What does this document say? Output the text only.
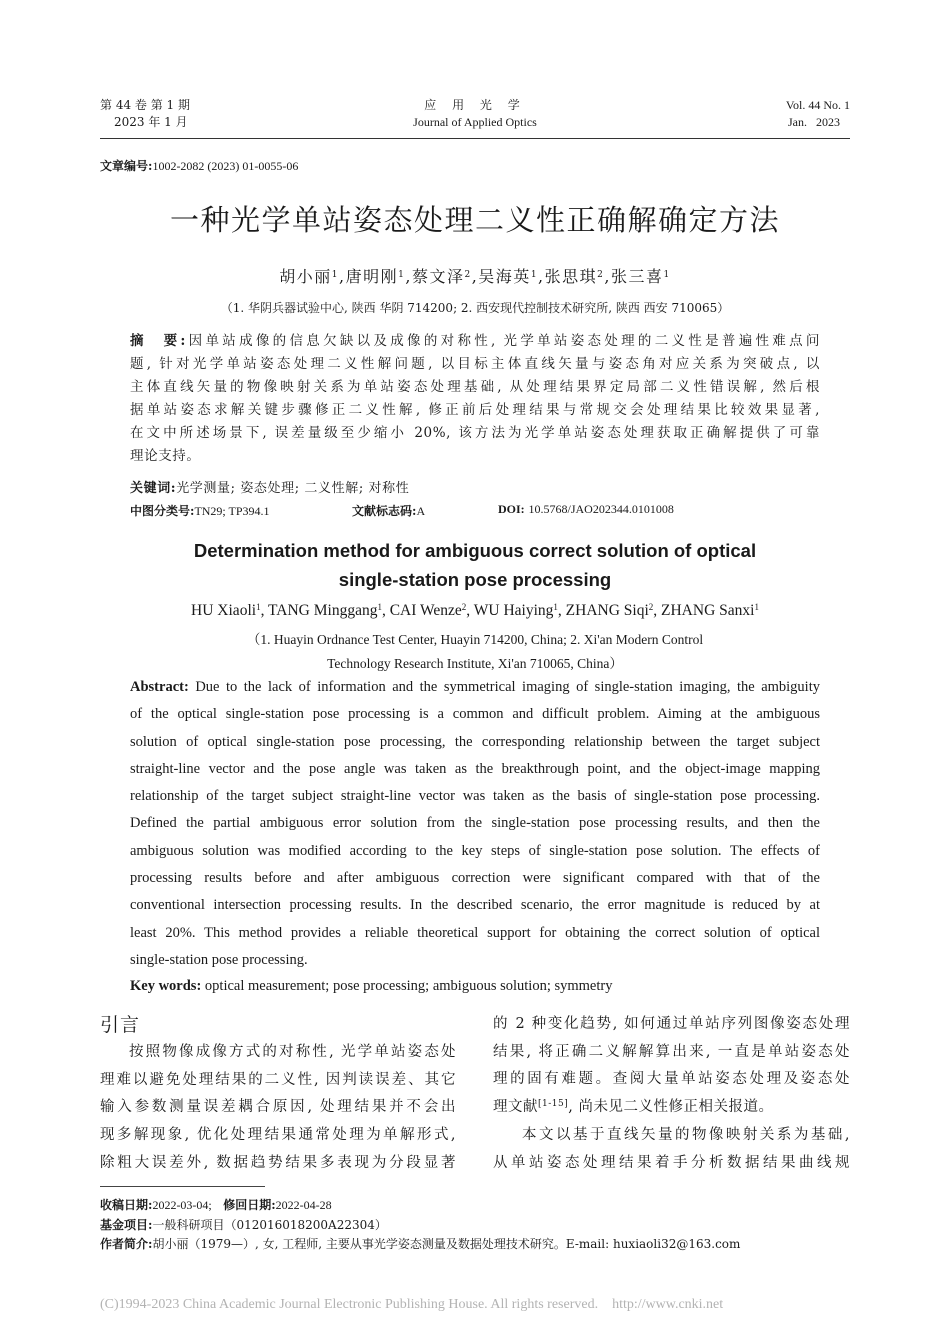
第 44 卷 第 1 期
2023 年 1 月
应 用 光 学
Journal of Applied Optics
Vol. 44 No. 1
Jan.   2023
文章编号:1002-2082 (2023) 01-0055-06
一种光学单站姿态处理二义性正确解确定方法
胡小丽$^1$,唐明刚$^1$,蔡文泽$^2$,吴海英$^1$,张思琪$^2$,张三喜$^1$
（1. 华阴兵器试验中心, 陕西 华阴 714200; 2. 西安现代控制技术研究所, 陕西 西安 710065）
摘　要:因单站成像的信息欠缺以及成像的对称性, 光学单站姿态处理的二义性是普遍性难点问
题, 针对光学单站姿态处理二义性解问题, 以目标主体直线矢量与姿态角对应关系为突破点, 以
主体直线矢量的物像映射关系为单站姿态处理基础, 从处理结果界定局部二义性错误解, 然后根
据单站姿态求解关键步骤修正二义性解, 修正前后处理结果与常规交会处理结果比较效果显著,
在文中所述场景下, 误差量级至少缩小 20%, 该方法为光学单站姿态处理获取正确解提供了可靠
理论支持。
关键词:光学测量; 姿态处理; 二义性解; 对称性
中图分类号:TN29; TP394.1	文献标志码:A	DOI: 10.5768/JAO202344.0101008
Determination method for ambiguous correct solution of optical
single-station pose processing
HU Xiaoli$^1$, TANG Minggang$^1$, CAI Wenze$^2$, WU Haiying$^1$, ZHANG Siqi$^2$, ZHANG Sanxi$^1$
（1. Huayin Ordnance Test Center, Huayin 714200, China; 2. Xi'an Modern Control
Technology Research Institute, Xi'an 710065, China）
Abstract: Due to the lack of information and the symmetrical imaging of single-station imaging, the ambiguity
of the optical single-station pose processing is a common and difficult problem. Aiming at the ambiguous
solution of optical single-station pose processing, the corresponding relationship between the target subject
straight-line vector and the pose angle was taken as the breakthrough point, and the object-image mapping
relationship of the target subject straight-line vector was taken as the basis of single-station pose processing.
Defined the partial ambiguous error solution from the single-station pose processing results, and then the
ambiguous solution was modified according to the key steps of single-station pose solution. The effects of
processing results before and after ambiguous correction were significant compared with that of the
conventional intersection processing results. In the described scenario, the error magnitude is reduced by at
least 20%. This method provides a reliable theoretical support for obtaining the correct solution of optical
single-station pose processing.
Key words: optical measurement; pose processing; ambiguous solution; symmetry
引言
按照物像成像方式的对称性, 光学单站姿态处
理难以避免处理结果的二义性, 因判读误差、其它
输入参数测量误差耦合原因, 处理结果并不会出
现多解现象, 优化处理结果通常处理为单解形式,
除粗大误差外, 数据趋势结果多表现为分段显著
的 2 种变化趋势, 如何通过单站序列图像姿态处理
结果, 将正确二义解解算出来, 一直是单站姿态处
理的固有难题。查阅大量单站姿态处理及姿态处
理文献[1-15], 尚未见二义性修正相关报道。
本文以基于直线矢量的物像映射关系为基础,
从单站姿态处理结果着手分析数据结果曲线规
收稿日期:2022-03-04; 修回日期:2022-04-28
基金项目:一般科研项目（012016018200A22304）
作者简介:胡小丽（1979—）, 女, 工程师, 主要从事光学姿态测量及数据处理技术研究。E-mail: huxiaoli32@163.com
(C)1994-2023 China Academic Journal Electronic Publishing House. All rights reserved.    http://www.cnki.net
